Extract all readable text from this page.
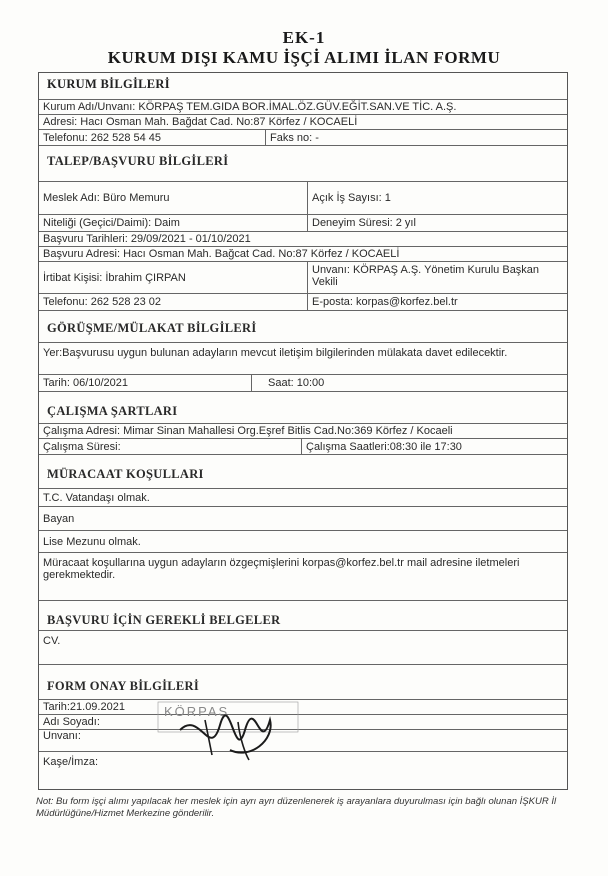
EK-1
KURUM DIŞI KAMU İŞÇİ ALIMI İLAN FORMU
KURUM BİLGİLERİ
Kurum Adı/Unvanı: KÖRPAŞ TEM.GIDA BOR.İMAL.ÖZ.GÜV.EĞİT.SAN.VE TİC. A.Ş.
Adresi: Hacı Osman Mah. Bağdat Cad. No:87 Körfez / KOCAELİ
Telefonu: 262 528 54 45	Faks no: -
TALEP/BAŞVURU BİLGİLERİ
Meslek Adı: Büro Memuru	Açık İş Sayısı: 1
Niteliği (Geçici/Daimi): Daim	Deneyim Süresi: 2 yıl
Başvuru Tarihleri: 29/09/2021 - 01/10/2021
Başvuru Adresi: Hacı Osman Mah. Bağcat Cad. No:87 Körfez / KOCAELİ
İrtibat Kişisi: İbrahim ÇIRPAN
Unvanı: KÖRPAŞ A.Ş. Yönetim Kurulu Başkan Vekili
Telefonu: 262 528 23 02	E-posta: korpas@korfez.bel.tr
GÖRÜŞME/MÜLAKAT BİLGİLERİ
Yer:Başvurusu uygun bulunan adayların mevcut iletişim bilgilerinden mülakata davet edilecektir.
Tarih: 06/10/2021	Saat: 10:00
ÇALIŞMA ŞARTLARI
Çalışma Adresi: Mimar Sinan Mahallesi Org.Eşref Bitlis Cad.No:369 Körfez / Kocaeli
Çalışma Süresi:	Çalışma Saatleri:08:30 ile 17:30
MÜRACAAT KOŞULLARI
T.C. Vatandaşı olmak.
Bayan
Lise Mezunu olmak.
Müracaat koşullarına uygun adayların özgeçmişlerini korpas@korfez.bel.tr mail adresine iletmeleri gerekmektedir.
BAŞVURU İÇİN GEREKLİ BELGELER
CV.
FORM ONAY BİLGİLERİ
Tarih:21.09.2021
Adı Soyadı:
Unvanı:
Kaşe/İmza:
KÖRPAŞ
Not: Bu form işçi alımı yapılacak her meslek için ayrı ayrı düzenlenerek iş arayanlara duyurulması için bağlı olunan İŞKUR İl Müdürlüğüne/Hizmet Merkezine gönderilir.
